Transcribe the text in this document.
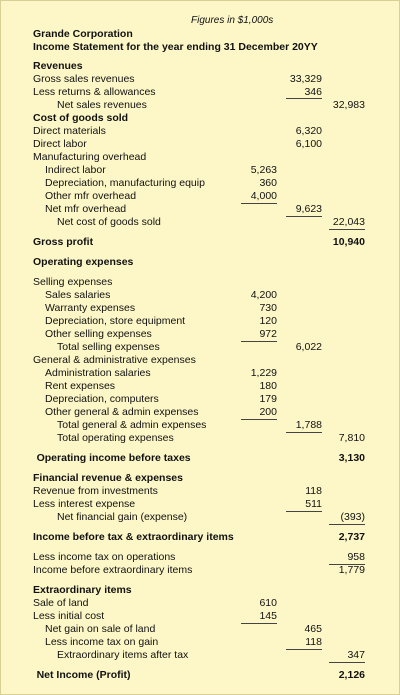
Figures in $1,000s
Grande Corporation
Income Statement for the year ending 31 December 20YY
Revenues
Gross sales revenues	33,329
Less returns & allowances	346
Net sales revenues	32,983
Cost of goods sold
Direct materials	6,320
Direct labor	6,100
Manufacturing overhead
Indirect labor	5,263
Depreciation, manufacturing equip	360
Other mfr overhead	4,000
Net mfr overhead	9,623
Net cost of goods sold	22,043
Gross profit	10,940
Operating expenses
Selling expenses
Sales salaries	4,200
Warranty expenses	730
Depreciation, store equipment	120
Other selling expenses	972
Total selling expenses	6,022
General & administrative expenses
Administration salaries	1,229
Rent expenses	180
Depreciation, computers	179
Other general & admin expenses	200
Total general & admin expenses	1,788
Total operating expenses	7,810
Operating income before taxes	3,130
Financial revenue & expenses
Revenue from investments	118
Less interest expense	511
Net financial gain (expense)	(393)
Income before tax & extraordinary items	2,737
Less income tax on operations	958
Income before extraordinary items	1,779
Extraordinary items
Sale of land	610
Less initial cost	145
Net gain on sale of land	465
Less income tax on gain	118
Extraordinary items after tax	347
Net Income (Profit)	2,126
